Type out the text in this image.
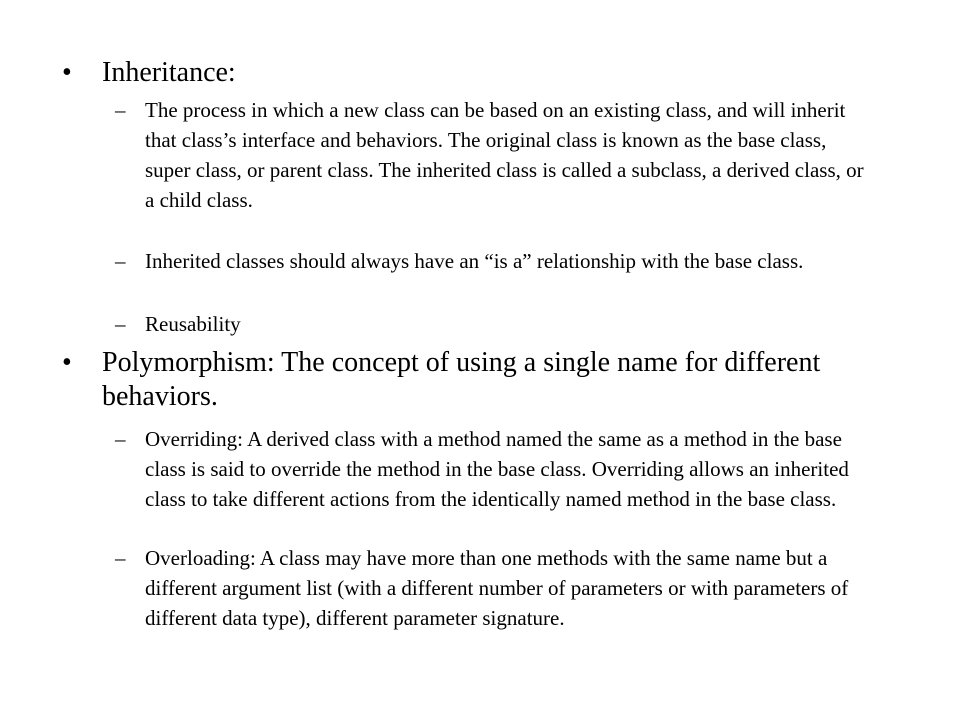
•	Inheritance:
– The process in which a new class can be based on an existing class, and will inherit that class’s interface and behaviors. The original class is known as the base class, super class, or parent class. The inherited class is called a subclass, a derived class, or a child class.
– Inherited classes should always have an “is a” relationship with the base class.
– Reusability
•	Polymorphism: The concept of using a single name for different behaviors.
– Overriding: A derived class with a method named the same as a method in the base class is said to override the method in the base class. Overriding allows an inherited class to take different actions from the identically named method in the base class.
– Overloading: A class may have more than one methods with the same name but a different argument list (with a different number of parameters or with parameters of different data type), different parameter signature.
